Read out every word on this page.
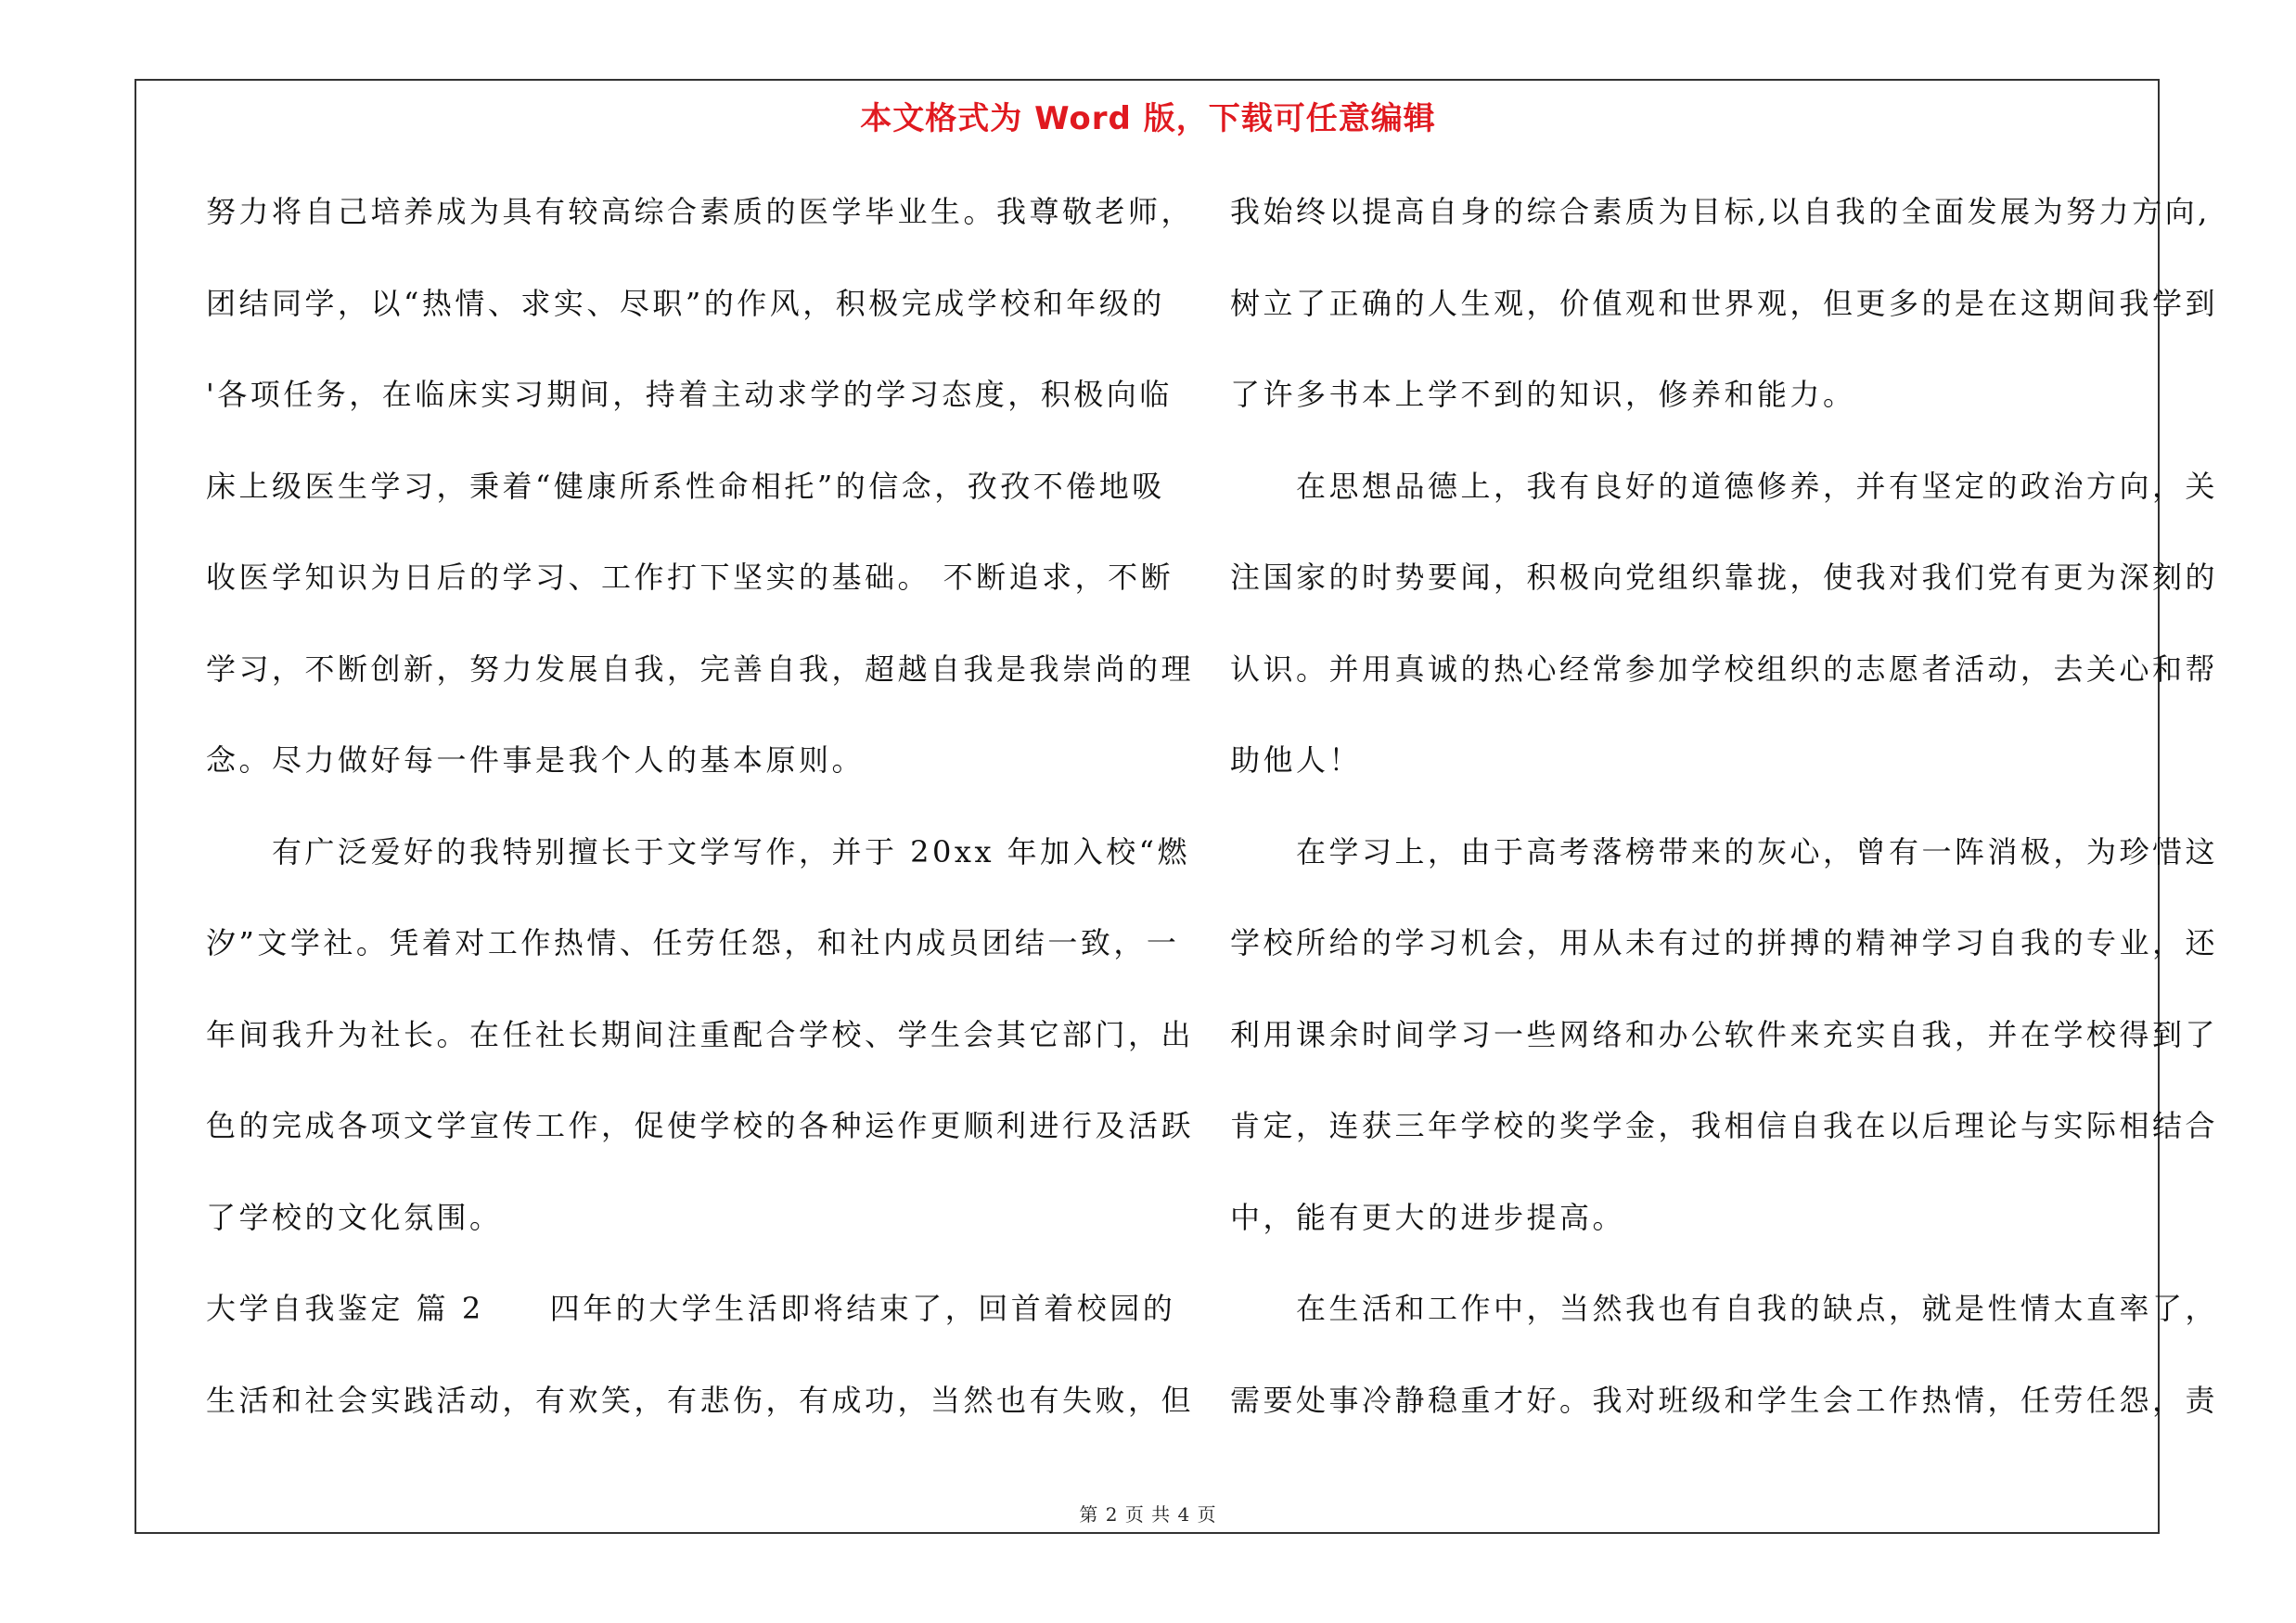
本文格式为 Word 版，下载可任意编辑
努力将自己培养成为具有较高综合素质的医学毕业生。我尊敬老师，
团结同学，以“热情、求实、尽职”的作风，积极完成学校和年级的
'各项任务，在临床实习期间，持着主动求学的学习态度，积极向临
床上级医生学习，秉着“健康所系性命相托”的信念，孜孜不倦地吸
收医学知识为日后的学习、工作打下坚实的基础。 不断追求，不断
学习，不断创新，努力发展自我，完善自我，超越自我是我崇尚的理
念。尽力做好每一件事是我个人的基本原则。
　　有广泛爱好的我特别擅长于文学写作，并于 20xx 年加入校“燃
汐”文学社。凭着对工作热情、任劳任怨，和社内成员团结一致，一
年间我升为社长。在任社长期间注重配合学校、学生会其它部门，出
色的完成各项文学宣传工作，促使学校的各种运作更顺利进行及活跃
了学校的文化氛围。
大学自我鉴定 篇 2　　四年的大学生活即将结束了，回首着校园的
生活和社会实践活动，有欢笑，有悲伤，有成功，当然也有失败，但
我始终以提高自身的综合素质为目标,以自我的全面发展为努力方向,
树立了正确的人生观，价值观和世界观，但更多的是在这期间我学到
了许多书本上学不到的知识，修养和能力。
　　在思想品德上，我有良好的道德修养，并有坚定的政治方向，关
注国家的时势要闻，积极向党组织靠拢，使我对我们党有更为深刻的
认识。并用真诚的热心经常参加学校组织的志愿者活动，去关心和帮
助他人！
　　在学习上，由于高考落榜带来的灰心，曾有一阵消极，为珍惜这
学校所给的学习机会，用从未有过的拼搏的精神学习自我的专业，还
利用课余时间学习一些网络和办公软件来充实自我，并在学校得到了
肯定，连获三年学校的奖学金，我相信自我在以后理论与实际相结合
中，能有更大的进步提高。
　　在生活和工作中，当然我也有自我的缺点，就是性情太直率了，
需要处事冷静稳重才好。我对班级和学生会工作热情，任劳任怨，责
第 2 页 共 4 页
